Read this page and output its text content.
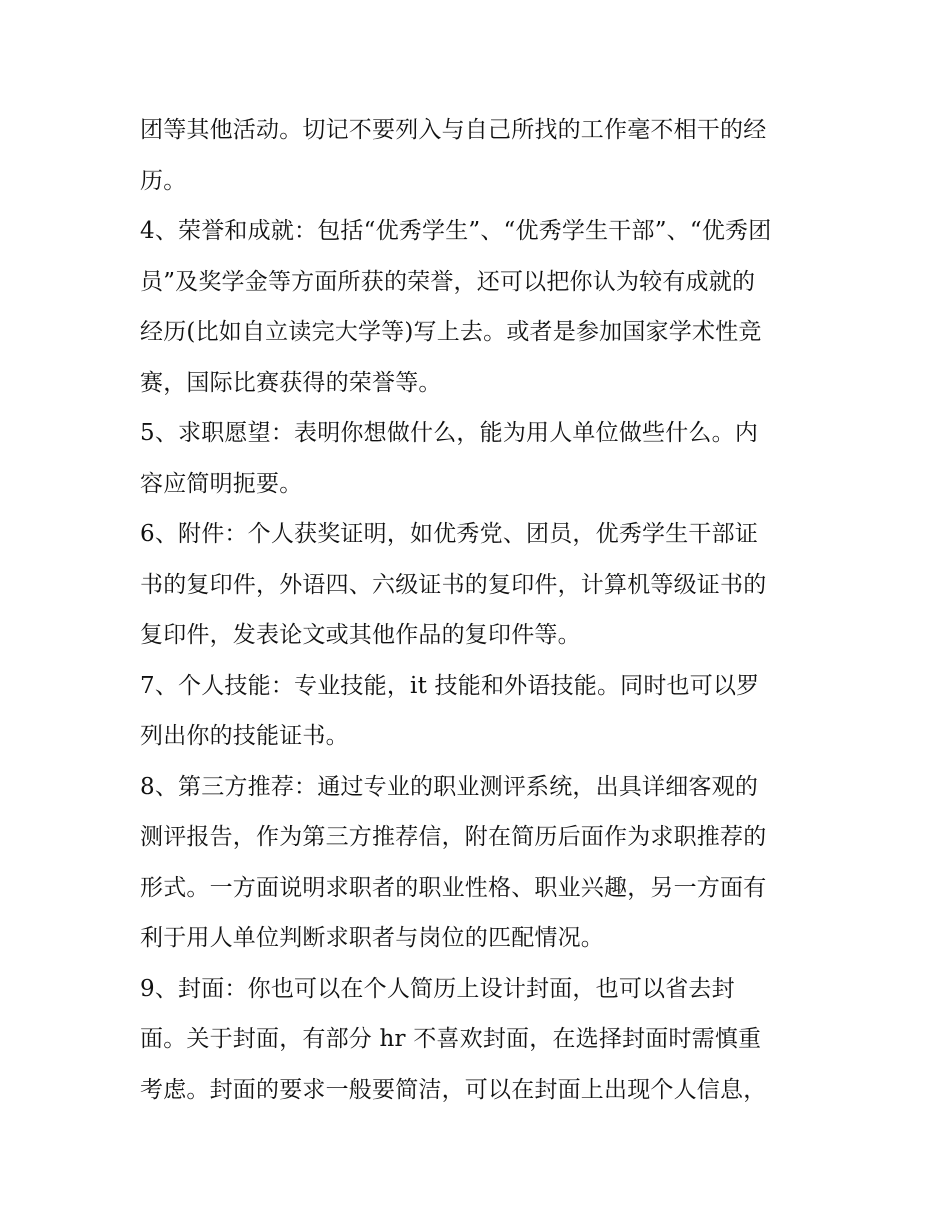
团等其他活动。切记不要列入与自己所找的工作毫不相干的经
历。
4、荣誉和成就：包括“优秀学生”、“优秀学生干部”、“优秀团
员”及奖学金等方面所获的荣誉，还可以把你认为较有成就的
经历(比如自立读完大学等)写上去。或者是参加国家学术性竞
赛，国际比赛获得的荣誉等。
5、求职愿望：表明你想做什么，能为用人单位做些什么。内
容应简明扼要。
6、附件：个人获奖证明，如优秀党、团员，优秀学生干部证
书的复印件，外语四、六级证书的复印件，计算机等级证书的
复印件，发表论文或其他作品的复印件等。
7、个人技能：专业技能，it 技能和外语技能。同时也可以罗
列出你的技能证书。
8、第三方推荐：通过专业的职业测评系统，出具详细客观的
测评报告，作为第三方推荐信，附在简历后面作为求职推荐的
形式。一方面说明求职者的职业性格、职业兴趣，另一方面有
利于用人单位判断求职者与岗位的匹配情况。
9、封面：你也可以在个人简历上设计封面，也可以省去封
面。关于封面，有部分 hr 不喜欢封面，在选择封面时需慎重
考虑。封面的要求一般要简洁，可以在封面上出现个人信息，
